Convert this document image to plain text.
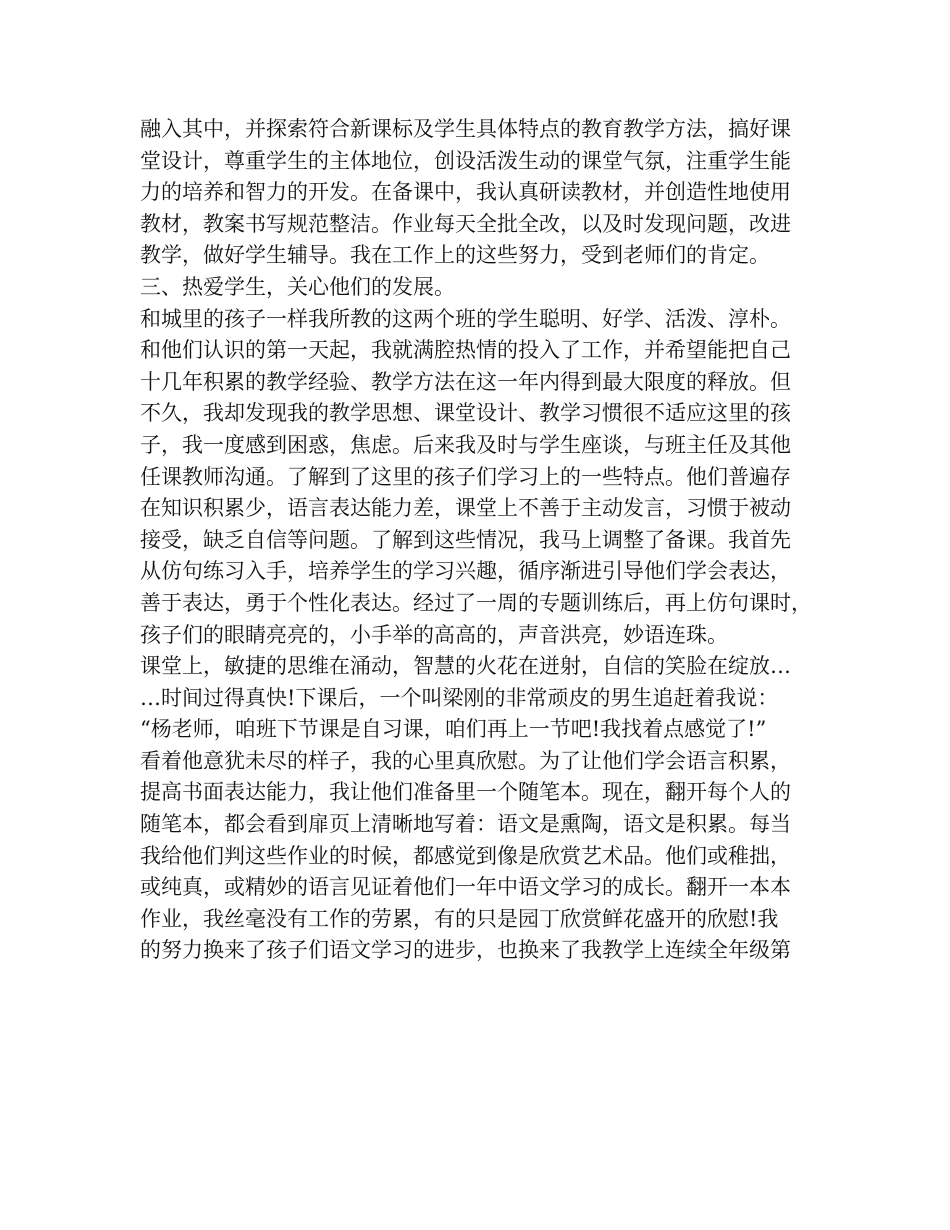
融入其中，并探索符合新课标及学生具体特点的教育教学方法，搞好课
堂设计，尊重学生的主体地位，创设活泼生动的课堂气氛，注重学生能
力的培养和智力的开发。在备课中，我认真研读教材，并创造性地使用
教材，教案书写规范整洁。作业每天全批全改，以及时发现问题，改进
教学，做好学生辅导。我在工作上的这些努力，受到老师们的肯定。
三、热爱学生，关心他们的发展。
和城里的孩子一样我所教的这两个班的学生聪明、好学、活泼、淳朴。
和他们认识的第一天起，我就满腔热情的投入了工作，并希望能把自己
十几年积累的教学经验、教学方法在这一年内得到最大限度的释放。但
不久，我却发现我的教学思想、课堂设计、教学习惯很不适应这里的孩
子，我一度感到困惑，焦虑。后来我及时与学生座谈，与班主任及其他
任课教师沟通。了解到了这里的孩子们学习上的一些特点。他们普遍存
在知识积累少，语言表达能力差，课堂上不善于主动发言，习惯于被动
接受，缺乏自信等问题。了解到这些情况，我马上调整了备课。我首先
从仿句练习入手，培养学生的学习兴趣，循序渐进引导他们学会表达，
善于表达，勇于个性化表达。经过了一周的专题训练后，再上仿句课时，
孩子们的眼睛亮亮的，小手举的高高的，声音洪亮，妙语连珠。
课堂上，敏捷的思维在涌动，智慧的火花在迸射，自信的笑脸在绽放…
…时间过得真快!下课后，一个叫梁刚的非常顽皮的男生追赶着我说：
“杨老师，咱班下节课是自习课，咱们再上一节吧!我找着点感觉了!”
看着他意犹未尽的样子，我的心里真欣慰。为了让他们学会语言积累，
提高书面表达能力，我让他们准备里一个随笔本。现在，翻开每个人的
随笔本，都会看到扉页上清晰地写着：语文是熏陶，语文是积累。每当
我给他们判这些作业的时候，都感觉到像是欣赏艺术品。他们或稚拙，
或纯真，或精妙的语言见证着他们一年中语文学习的成长。翻开一本本
作业，我丝毫没有工作的劳累，有的只是园丁欣赏鲜花盛开的欣慰!我
的努力换来了孩子们语文学习的进步，也换来了我教学上连续全年级第
